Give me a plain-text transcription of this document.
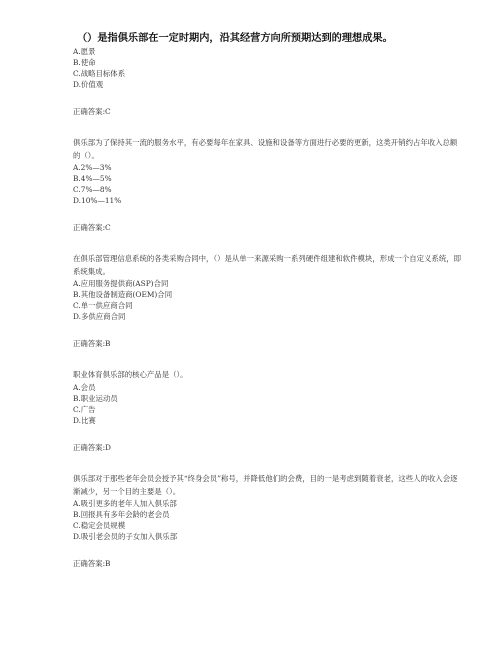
（）是指俱乐部在一定时期内，沿其经营方向所预期达到的理想成果。

A.愿景

B.使命

C.战略目标体系

D.价值观

正确答案:C

俱乐部为了保持其一流的服务水平，有必要每年在家具、设施和设备等方面进行必要的更新，这类开销约占年收入总额的（）。

A.2%—3%

B.4%—5%

C.7%—8%

D.10%—11%

正确答案:C

在俱乐部管理信息系统的各类采购合同中，（）是从单一来源采购一系列硬件组建和软件模块，形成一个自定义系统，即系统集成。

A.应用服务提供商(ASP)合同

B.其他设备制造商(OEM)合同

C.单一供应商合同

D.多供应商合同

正确答案:B

职业体育俱乐部的核心产品是（）。

A.会员

B.职业运动员

C.广告

D.比赛

正确答案:D

俱乐部对于那些老年会员会授予其“终身会员”称号，并降低他们的会费，目的一是考虑到随着衰老，这些人的收入会逐渐减少，另一个目的主要是（）。

A.吸引更多的老年人加入俱乐部

B.回报具有多年会龄的老会员

C.稳定会员规模

D.吸引老会员的子女加入俱乐部

正确答案:B
